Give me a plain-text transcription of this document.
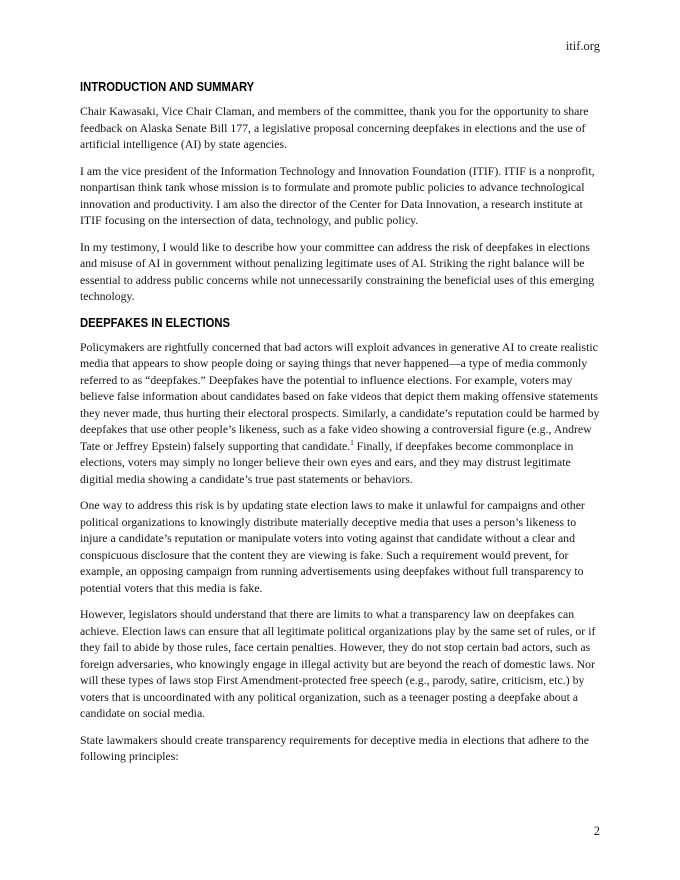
itif.org
INTRODUCTION AND SUMMARY

Chair Kawasaki, Vice Chair Claman, and members of the committee, thank you for the opportunity to share feedback on Alaska Senate Bill 177, a legislative proposal concerning deepfakes in elections and the use of artificial intelligence (AI) by state agencies.

I am the vice president of the Information Technology and Innovation Foundation (ITIF). ITIF is a nonprofit, nonpartisan think tank whose mission is to formulate and promote public policies to advance technological innovation and productivity. I am also the director of the Center for Data Innovation, a research institute at ITIF focusing on the intersection of data, technology, and public policy.

In my testimony, I would like to describe how your committee can address the risk of deepfakes in elections and misuse of AI in government without penalizing legitimate uses of AI. Striking the right balance will be essential to address public concerns while not unnecessarily constraining the beneficial uses of this emerging technology.

DEEPFAKES IN ELECTIONS

Policymakers are rightfully concerned that bad actors will exploit advances in generative AI to create realistic media that appears to show people doing or saying things that never happened—a type of media commonly referred to as “deepfakes.” Deepfakes have the potential to influence elections. For example, voters may believe false information about candidates based on fake videos that depict them making offensive statements they never made, thus hurting their electoral prospects. Similarly, a candidate’s reputation could be harmed by deepfakes that use other people’s likeness, such as a fake video showing a controversial figure (e.g., Andrew Tate or Jeffrey Epstein) falsely supporting that candidate.$^1$ Finally, if deepfakes become commonplace in elections, voters may simply no longer believe their own eyes and ears, and they may distrust legitimate digitial media showing a candidate’s true past statements or behaviors.

One way to address this risk is by updating state election laws to make it unlawful for campaigns and other political organizations to knowingly distribute materially deceptive media that uses a person’s likeness to injure a candidate’s reputation or manipulate voters into voting against that candidate without a clear and conspicuous disclosure that the content they are viewing is fake. Such a requirement would prevent, for example, an opposing campaign from running advertisements using deepfakes without full transparency to potential voters that this media is fake.

However, legislators should understand that there are limits to what a transparency law on deepfakes can achieve. Election laws can ensure that all legitimate political organizations play by the same set of rules, or if they fail to abide by those rules, face certain penalties. However, they do not stop certain bad actors, such as foreign adversaries, who knowingly engage in illegal activity but are beyond the reach of domestic laws. Nor will these types of laws stop First Amendment-protected free speech (e.g., parody, satire, criticism, etc.) by voters that is uncoordinated with any political organization, such as a teenager posting a deepfake about a candidate on social media.

State lawmakers should create transparency requirements for deceptive media in elections that adhere to the following principles:

2
